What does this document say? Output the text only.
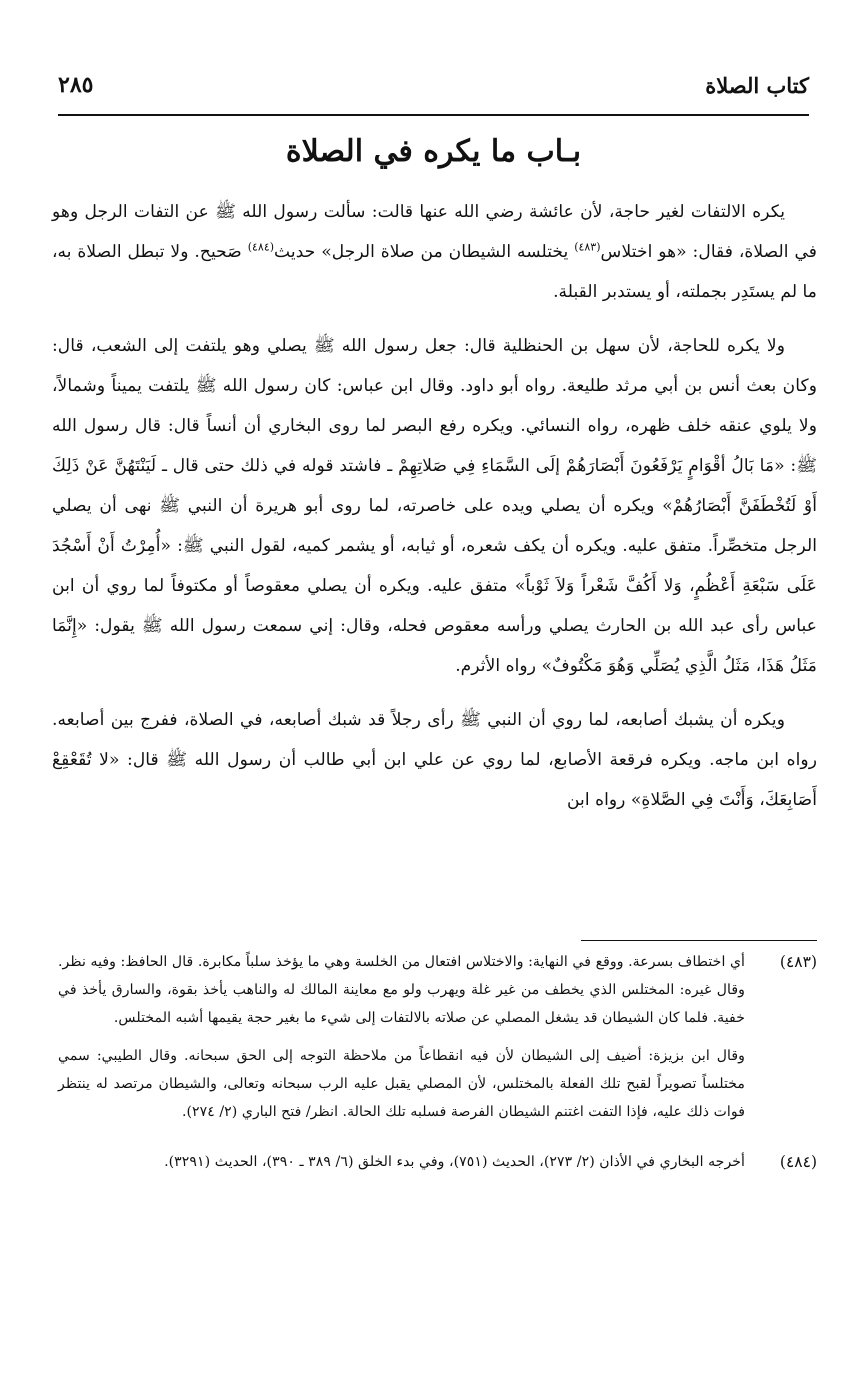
كتاب الصلاة
٢٨٥
بـاب ما يكره في الصلاة

يكره الالتفات لغير حاجة، لأن عائشة رضي الله عنها قالت: سألت رسول الله ﷺ عن التفات الرجل وهو في الصلاة، فقال: «هو اختلاس$^{(٤٨٣)}$ يختلسه الشيطان من صلاة الرجل» حديث$^{(٤٨٤)}$ صَحيح. ولا تبطل الصلاة به، ما لم يستَدِر بجملته، أو يستدبر القبلة.

ولا يكره للحاجة، لأن سهل بن الحنظلية قال: جعل رسول الله ﷺ يصلي وهو يلتفت إلى الشعب، قال: وكان بعث أنس بن أبي مرثد طليعة. رواه أبو داود. وقال ابن عباس: كان رسول الله ﷺ يلتفت يميناً وشمالاً، ولا يلوي عنقه خلف ظهره، رواه النسائي. ويكره رفع البصر لما روى البخاري أن أنساً قال: قال رسول الله ﷺ: «مَا بَالُ أقْوَامٍ يَرْفَعُونَ أَبْصَارَهُمْ إلَى السَّمَاءِ فِي صَلاتِهِمْ ـ فاشتد قوله في ذلك حتى قال ـ لَيَنْتَهُنَّ عَنْ ذَلِكَ أَوْ لَتُخْطَفَنَّ أَبْصَارُهُمْ» ويكره أن يصلي ويده على خاصرته، لما روى أبو هريرة أن النبي ﷺ نهى أن يصلي الرجل متخصِّراً. متفق عليه. ويكره أن يكف شعره، أو ثيابه، أو يشمر كميه، لقول النبي ﷺ: «أُمِرْتُ أَنْ أَسْجُدَ عَلَى سَبْعَةِ أَعْظُمٍ، وَلا أَكُفَّ شَعْراً وَلاَ ثَوْباً» متفق عليه. ويكره أن يصلي معقوصاً أو مكتوفاً لما روي أن ابن عباس رأى عبد الله بن الحارث يصلي ورأسه معقوص فحله، وقال: إني سمعت رسول الله ﷺ يقول: «إِنَّمَا مَثَلُ هَذَا، مَثَلُ الَّذِي يُصَلِّي وَهُوَ مَكْتُوفٌ» رواه الأثرم.

ويكره أن يشبك أصابعه، لما روي أن النبي ﷺ رأى رجلاً قد شبك أصابعه، في الصلاة، ففرج بين أصابعه. رواه ابن ماجه. ويكره فرقعة الأصابع، لما روي عن علي ابن أبي طالب أن رسول الله ﷺ قال: «لا تُقَعْقِعْ أَصَابِعَكَ، وَأَنْتَ فِي الصَّلاةِ» رواه ابن

(٤٨٣)

أي اختطاف بسرعة. ووقع في النهاية: والاختلاس افتعال من الخلسة وهي ما يؤخذ سلباً مكابرة. قال الحافظ: وفيه نظر. وقال غيره: المختلس الذي يخطف من غير غلة ويهرب ولو مع معاينة المالك له والناهب يأخذ بقوة، والسارق يأخذ في خفية. فلما كان الشيطان قد يشغل المصلي عن صلاته بالالتفات إلى شيء ما بغير حجة يقيمها أشبه المختلس.

وقال ابن بزيزة: أضيف إلى الشيطان لأن فيه انقطاعاً من ملاحظة التوجه إلى الحق سبحانه. وقال الطيبي: سمي مختلساً تصويراً لقبح تلك الفعلة بالمختلس، لأن المصلي يقبل عليه الرب سبحانه وتعالى، والشيطان مرتصد له ينتظر فوات ذلك عليه، فإذا التفت اغتنم الشيطان الفرصة فسلبه تلك الحالة. انظر/ فتح الباري (٢/ ٢٧٤).

(٤٨٤)

أخرجه البخاري في الأذان (٢/ ٢٧٣)، الحديث (٧٥١)، وفي بدء الخلق (٦/ ٣٨٩ ـ ٣٩٠)، الحديث (٣٢٩١).
